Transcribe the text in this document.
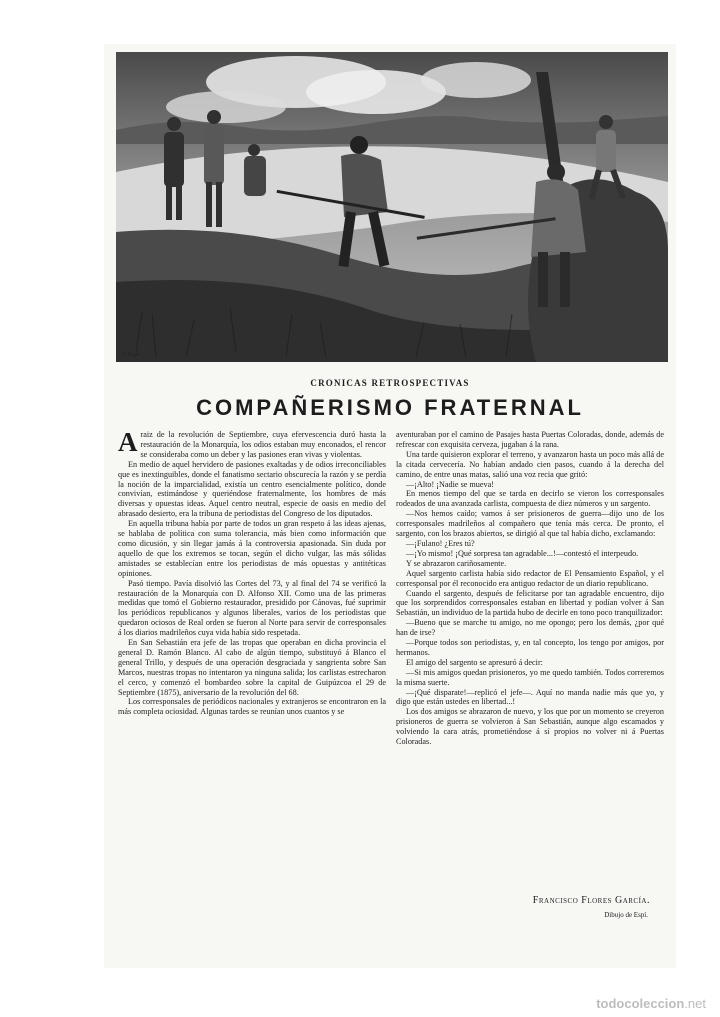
F. Espí.
CRONICAS RETROSPECTIVAS
COMPAÑERISMO FRATERNAL

Araiz de la revolución de Septiembre, cuya efervescencia duró hasta la restauración de la Monarquía, los odios estaban muy enconados, el rencor se consideraba como un deber y las pasiones eran vivas y violentas.

En medio de aquel hervidero de pasiones exaltadas y de odios irreconciliables que es inextinguibles, donde el fanatismo sectario obscurecía la razón y se perdía la noción de la imparcialidad, existía un centro esencialmente político, donde convivían, estimándose y queriéndose fraternalmente, los hombres de más diversas y opuestas ideas. Aquel centro neutral, especie de oasis en medio del abrasado desierto, era la tribuna de periodistas del Congreso de los diputados.

En aquella tribuna había por parte de todos un gran respeto á las ideas ajenas, se hablaba de política con suma tolerancia, más bien como información que como dicusión, y sin llegar jamás á la controversia apasionada. Sin duda por aquello de que los extremos se tocan, según el dicho vulgar, las más sólidas amistades se establecían entre los periodistas de más opuestas y antitéticas opiniones.

Pasó tiempo. Pavía disolvió las Cortes del 73, y al final del 74 se verificó la restauración de la Monarquía con D. Alfonso XII. Como una de las primeras medidas que tomó el Gobierno restaurador, presidido por Cánovas, fué suprimir los periódicos republicanos y algunos liberales, varios de los periodistas que quedaron ociosos de Real orden se fueron al Norte para servir de corresponsales á los diarios madrileños cuya vida había sido respetada.

En San Sebastián era jefe de las tropas que operaban en dicha provincia el general D. Ramón Blanco. Al cabo de algún tiempo, substituyó á Blanco el general Trillo, y después de una operación desgraciada y sangrienta sobre San Marcos, nuestras tropas no intentaron ya ninguna salida; los carlistas estrecharon el cerco, y comenzó el bombardeo sobre la capital de Guipúzcoa el 29 de Septiembre (1875), aniversario de la revolución del 68.

Los corresponsales de periódicos nacionales y extranjeros se encontraron en la más completa ociosidad. Algunas tardes se reunían unos cuantos y se

aventuraban por el camino de Pasajes hasta Puertas Coloradas, donde, además de refrescar con exquisita cerveza, jugaban á la rana.

Una tarde quisieron explorar el terreno, y avanzaron hasta un poco más allá de la citada cervecería. No habían andado cien pasos, cuando á la derecha del camino, de entre unas matas, salió una voz recia que gritó:

—¡Alto! ¡Nadie se mueva!

En menos tiempo del que se tarda en decirlo se vieron los corresponsales rodeados de una avanzada carlista, compuesta de diez números y un sargento.

—Nos hemos caído; vamos á ser prisioneros de guerra—dijo uno de los corresponsales madrileños al compañero que tenía más cerca. De pronto, el sargento, con los brazos abiertos, se dirigió al que tal había dicho, exclamando:

—¡Fulano! ¿Eres tú?

—¡Yo mismo! ¡Qué sorpresa tan agradable...!—contestó el interpeudo.

Y se abrazaron cariñosamente.

Aquel sargento carlista había sido redactor de El Pensamiento Español, y el corresponsal por él reconocido era antiguo redactor de un diario republicano.

Cuando el sargento, después de felicitarse por tan agradable encuentro, dijo que los sorprendidos corresponsales estaban en libertad y podían volver á San Sebastián, un individuo de la partida hubo de decirle en tono poco tranquilizador:

—Bueno que se marche tu amigo, no me opongo; pero los demás, ¿por qué han de irse?

—Porque todos son periodistas, y, en tal concepto, los tengo por amigos, por hermanos.

El amigo del sargento se apresuró á decir:

—Si mis amigos quedan prisioneros, yo me quedo también. Todos correremos la misma suerte.

—¡Qué disparate!—replicó el jefe—. Aquí no manda nadie más que yo, y digo que están ustedes en libertad...!

Los dos amigos se abrazaron de nuevo, y los que por un momento se creyeron prisioneros de guerra se volvieron á San Sebastián, aunque algo escamados y volviendo la cara atrás, prometiéndose á sí propios no volver ni á Puertas Coloradas.

Francisco Flores García.
Dibujo de Espí.
todocoleccion.net
